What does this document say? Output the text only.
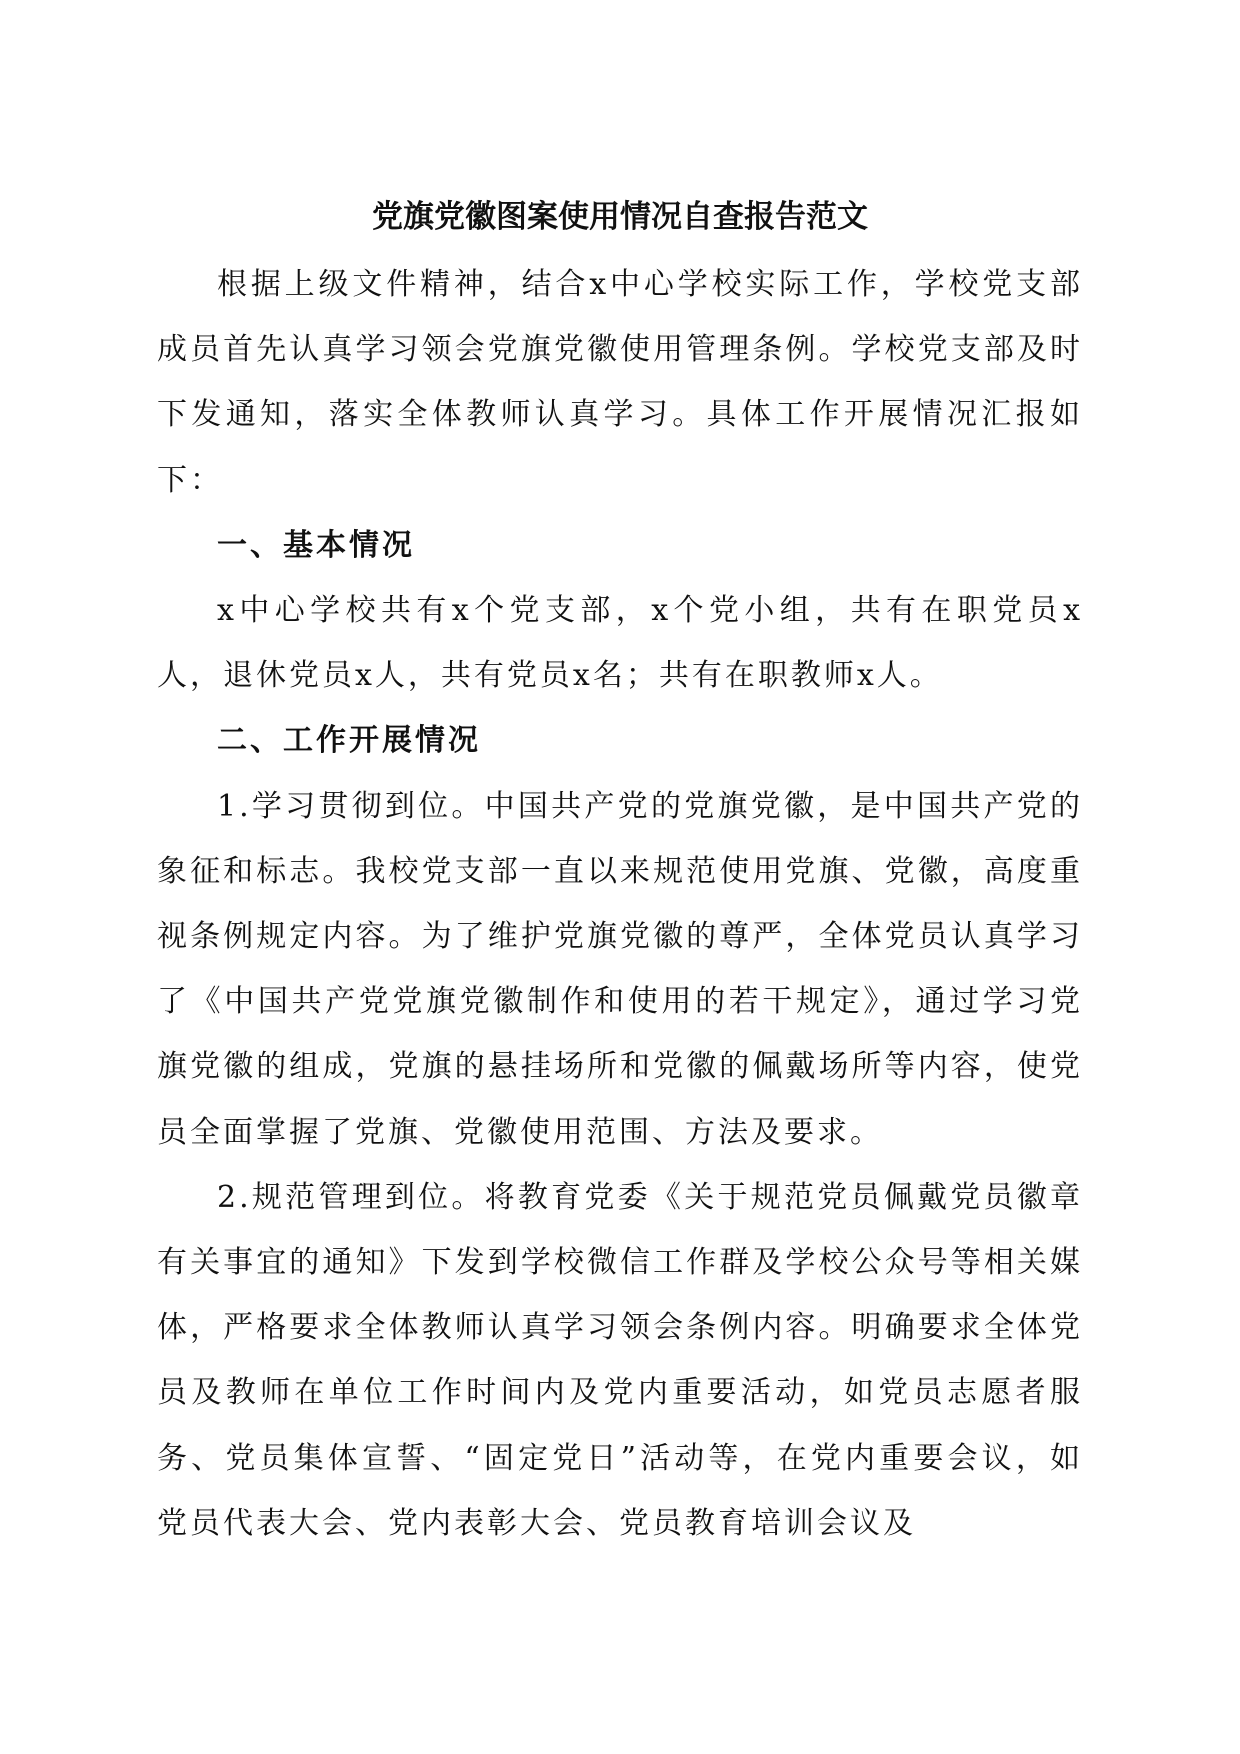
党旗党徽图案使用情况自查报告范文

根据上级文件精神，结合x中心学校实际工作，学校党支部成员首先认真学习领会党旗党徽使用管理条例。学校党支部及时下发通知，落实全体教师认真学习。具体工作开展情况汇报如下：

一、基本情况

x中心学校共有x个党支部，x个党小组，共有在职党员x人，退休党员x人，共有党员x名；共有在职教师x人。

二、工作开展情况

1.学习贯彻到位。中国共产党的党旗党徽，是中国共产党的象征和标志。我校党支部一直以来规范使用党旗、党徽，高度重视条例规定内容。为了维护党旗党徽的尊严，全体党员认真学习了《中国共产党党旗党徽制作和使用的若干规定》，通过学习党旗党徽的组成，党旗的悬挂场所和党徽的佩戴场所等内容，使党员全面掌握了党旗、党徽使用范围、方法及要求。

2.规范管理到位。将教育党委《关于规范党员佩戴党员徽章有关事宜的通知》下发到学校微信工作群及学校公众号等相关媒体，严格要求全体教师认真学习领会条例内容。明确要求全体党员及教师在单位工作时间内及党内重要活动，如党员志愿者服务、党员集体宣誓、“固定党日”活动等，在党内重要会议，如党员代表大会、党内表彰大会、党员教育培训会议及
